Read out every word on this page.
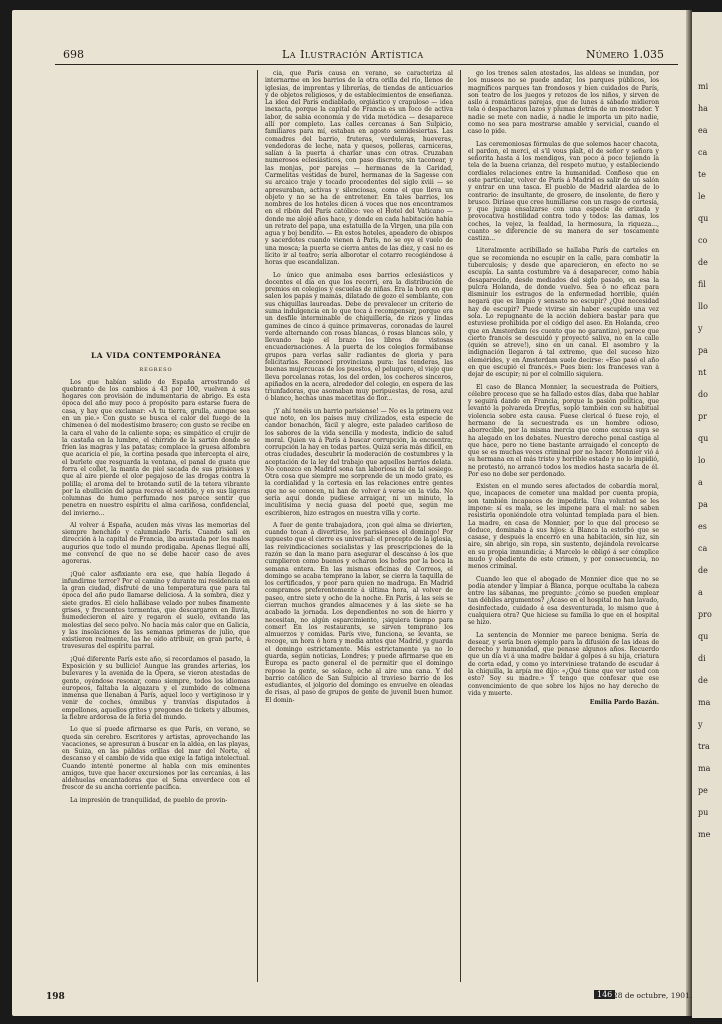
mi
ha
ea
ca
te
le
qu
co
de
fil
llo
y
pa
nt
do
pr
qu
lo
a
pa
es
ca
de
a
pro
qu
di
de
ma
y
tra
ma
pe
pu
me
698	La Ilustración Artística	Número 1.035
LA VIDA CONTEMPORÁNEA
REGRESO

Los que habían salido de España arrostrando el quebranto de los cambios á 43 por 100, vuelven á sus hogares con provisión de indumentaria de abrigo. Es esta época del año muy poco á propósito para estarse fuera de casa, y hay que exclamar: «A tu tierra, grulla, aunque sea en un pie.» Con gusto se busca el calor del fuego de la chimenea ó del modestísimo brasero; con gusto se recibe en la cara el vaho de la caliente sopa; es simpático el crujir de la castaña en la lumbre, el chirrido de la sartén donde se fríen las magras y las patatas; complace la gruesa alfombra que acaricia el pie, la cortina pesada que intercepta el aire, el burlete que resguarda la ventana, el panal de guata que forra el collet, la manta de piel sacada de sus prisiones y que al aire pierde el olor pegajoso de las drogas contra la polilla; el aroma del te brotando sutil de la tetera vibrante por la ebullición del agua recrea el sentido, y en sus ligeras columnas de humo perfumado nos parece sentir que penetra en nuestro espíritu el alma cariñosa, confidencial, del invierno...

Al volver á España, acuden más vivas las memorias del siempre henchido y calumniado París. Cuando salí en dirección á la capital de Francia, iba asustada por los malos augurios que todo el mundo prodigaba. Apenas llegué allí, me convencí de que no se debe hacer caso de aves agoreras.

¡Qué calor asfixiante era ese, que había llegado á infundirme terror? Por el camino y durante mi residencia en la gran ciudad, disfruté de una temperatura que para tal época del año pudo llamarse deliciosa. Á la sombra, diez y siete grados. El cielo hallábase velado por nubes finamente grises, y frecuentes tormentas, que descargaron en lluvia, humedecieron el aire y regaron el suelo, evitando las molestias del seco polvo. No hacía más calor que en Galicia, y las insolaciones de las semanas primeras de julio, que existieron realmente, las he oído atribuir, en gran parte, á travesuras del espíritu parral.

¡Qué diferente París este año, si recordamos el pasado, la Exposición y su bullicio! Aunque las grandes arterias, los bulevares y la avenida de la Ópera, se vieron atestadas de gente, oyéndose resonar, como siempre, todos los idiomas europeos, faltaba la algazara y el zumbido de colmena inmensa que llenaban á París, aquel loco y vertiginoso ir y venir de coches, ómnibus y tranvías disputados á empellones, aquellos gritos y pregones de tickets y álbumes, la fiebre ardorosa de la feria del mundo.

Lo que sí puede afirmarse es que París, en verano, se queda sin cerebro. Escritores y artistas, aprovechando las vacaciones, se apresuran á buscar en la aldea, en las playas, en Suiza, en las pálidas orillas del mar del Norte, el descanso y el cambio de vida que exige la fatiga intelectual. Cuando intenté ponerme al habla con mis eminentes amigos, tuve que hacer excursiones por las cercanías, á las aldehuelas encantadoras que el Sena enverdece con el frescor de su ancha corriente pacífica.

La impresión de tranquilidad, de pueblo de provin-

cia, que París causa en verano, se caracteriza al internarme en los barrios de la otra orilla del río, llenos de iglesias, de imprentas y librerías, de tiendas de anticuarios y de objetos religiosos, y de establecimientos de enseñanza. La idea del París endiablado, orgiástico y crapuloso — idea inexacta, porque la capital de Francia es un foco de activa labor, de sabia economía y de vida metódica — desaparece allí por completo. Las calles cercanas á San Sulpicio, familiares para mí, estaban en agosto semidesiertas. Las comadres del barrio, fruteras, verduleras, hueveras, vendedoras de leche, nata y quesos, polleras, carniceras, salían á la puerta á charlar unas con otras. Cruzaban numerosos eclesiásticos, con paso discreto, sin taconear, y las monjas, por parejas — hermanas de la Caridad, Carmelitas vestidas de burel, hermanas de la Sagesse con su arcaico traje y tocado procedentes del siglo xviii — se apresuraban, activas y silenciosas, como el que lleva un objeto y no se ha de entretener. En tales barrios, los nombres de los hoteles dicen á voces que nos encontramos en el ribón del París católico: veo el Hotel del Vaticano — donde me alojé años hace, y donde en cada habitación había un retrato del papa, una estatuilla de la Virgen, una pila con agua y boj bendito. — En estos hoteles, apeadero de obispos y sacerdotes cuando vienen á París, no se oye el vuelo de una mosca; la puerta se cierra antes de las diez, y casi no es lícito ir al teatro; sería alborotar el cotarro recogiéndose á horas que escandalizan.

Lo único que animaba esos barrios eclesiásticos y docentes el día en que los recorrí, era la distribución de premios en colegios y escuelas de niñas. Era la hora en que salen los papás y mamás, dilatado de gozo el semblante, con sus chiquillas laureadas. Debe de prevalecer un criterio de suma indulgencia en lo que toca á recompensar, porque era un desfile interminable de chiquillería, de rizos y lindas gamines de cinco á quince primaveras, coronadas de laurel verde alternando con rosas blancas, ó rosas blancas sólo, y llevando bajo el brazo los libros de vistosas encuadernaciones. A la puerta de los colegios formábanse grupos para verlas salir radiantes de gloria y para felicitarlas. Reconocí provinciana pura: las tenderas, las buenas mujercucas de los puestos, el peluquero, el viejo que lleva porcelanas rotas, los del orden, los cocheros sinceros, apiñados en la acera, alrededor del colegio, en espera de las triunfadoras, que asomaban muy peripuestas, de rosa, azul ó blanco, hechas unas macetitas de flor...

¡Y ahí tenéis un barrio parisiense! — No es la primera vez que noto, en los países muy civilizados, esta especie de candor bonachón, fácil y alegre, este paladeo cariñoso de los sabores de la vida sencilla y modesta, indicio de salud moral. Quien va á París á buscar corrupción, la encuentra; corrupción la hay en todas partes. Quizá sería más difícil, en otras ciudades, descubrir la moderación de costumbres y la aceptación de la ley del trabajo que aquellos barrios delata. No conozco en Madrid sona tan laboriosa ni de tal sosiego. Otra cosa que siempre me sorprende de un modo grato, es la cordialidad y la cortesía en las relaciones entre gentes que no se conocen, ni han de volver á verse en la vida. No sería aquí donde pudiese arraigar, ni un minuto, la inculitísima y necia guasa del poeté que, según me escribieron, hizo estragos en nuestra villa y corte.

A fuer de gente trabajadora, ¡con qué alma se divierten, cuando tocan á divertirse, los parisienses el domingo! Por supuesto que el cierre es universal: el precepto de la iglesia, las reivindicaciones socialistas y las prescripciones de la razón se dan la mano para asegurar el descanso á los que cumplieron como buenos y echaron los bofes por la boca la semana entera. En las mismas oficinas de Correos, el domingo se acaba temprano la labor, se cierra la taquilla de los certificados, y peor para quien no madruga. En Madrid compramos preferentemente á última hora, al volver de paseo, entre siete y ocho de la noche. En París, á las seis se cierran muchos grandes almacenes y á las siete se ha acabado la jornada. Los dependientes no son de hierro y necesitan, no algún esparcimiento, ¡siquiera tiempo para comer! En los restaurants, se sirven temprano los almuerzos y comidas. París vive, funciona, se levanta, se recoge, un hora ó hora y media antes que Madrid, y guarda el domingo estrictamente. Más estrictamente ya no lo guarda, según noticias, Londres; y puede afirmarse que en Europa es pacto general el de permitir que el domingo repose la gente, se solace, eche al aire una cana. Y del barrio católico de San Sulpicio al travieso barrio de los estudiantes, el jolgorio del domingo es envuelve en oleadas de risas, al paso de grupos de gente de juvenil buen humor. El domin-

go los trenes salen atestados, las aldeas se inundan, por los museos no se puede andar, los parques públicos, los magníficos parques tan frondosos y bien cuidados de París, son teatro de los juegos y retozos de los niños, y sirven de asilo á románticas parejas, que de lunes á sábado midieron tela ó despacharon lazos y plumas detrás de un mostrador. Y nadie se mete con nadie, á nadie le importa un pito nadie, como no sea para mostrarse amable y servicial, cuando el caso lo pide.

Las ceremoniosas fórmulas de que solemos hacer chacota, el pardon, el merci, el s'il vous plaît, el de señor y señora y señorita hasta á los mendigos, van poco á poco tejiendo la tela de la buena crianza, del respeto mutuo, y estableciendo cordiales relaciones entre la humanidad. Confieso que en este particular, volver de París á Madrid es salir de un salón y entrar en una tasca. El pueblo de Madrid alardea de lo contrario: de insultante, de grosero, de insolente, de fiero y brusco. Diríase que cree humillarse con un rasgo de cortesía, y que juzga ensalzarse con una especie de erizada y provocativa hostilidad contra todo y todos: las damas, los coches, la vejez, la fealdad, la hermosura, la riqueza..., cuanto se diferencie de su manera de ser toscamente castiza...

Literalmente acribillado se hallaba París de carteles en que se recomienda no escupir en la calle, para combatir la tuberculosis; y desde que aparecieron, en efecto no se escupía. La santa costumbre va á desaparecer, como había desaparecido, desde mediados del siglo pasado, en esa la pulcra Holanda, de donde vuelvo. Sea ó no eficaz para disminuir los estragos de la enfermedad horrible, quién negará que es limpio y sensato no escupir? ¿Qué necesidad hay de escupir? Puede vivirse sin haber escupido una vez sola. Lo repugnante de la acción debiera bastar para que estuviese prohibida por el código del aseo. En Holanda, creo que en Amsterdam (es cuento que no garantizo), parece que cierto francés se descuidó y proyectó saliva, no en la calle (quién se atreve!), sino en un canal. El asombro y la indignación llegaron á tal extremo, que del suceso hizo elemérides, y en Amsterdam suele decirse: «Eso pasó el año en que escupió el francés.» Pues bien: los franceses van á dejar de escupir; ni por el colmillo siquiera.

El caso de Blanca Monnier, la secuestrada de Poitiers, célebre proceso que se ha fallado estos días, daba que hablar y seguirá dando en Francia, porque la pasión política, que levantó la polvareda Dreyfus, sopló también con su habitual violencia sobre esta causa. Fuese clerical ó fuese rojo, el hermano de la secuestrada es un hombre odioso, aborrecible, por la misma inercia que como excusa suya se ha alegado en los debates. Nuestro derecho penal castiga al que hace, pero no tiene bastante arraigado el concepto de que se es muchas veces criminal por no hacer. Monnier vió á su hermana en el más triste y horrible estado y no lo impidió, ne protestó, no arrancó todos los medios hasta sacarla de él. Por eso no debe ser perdonado.

Existen en el mundo seres afectados de cobardía moral, que, incapaces de cometer una maldad por cuenta propia, son también incapaces de impedirla. Una voluntad se les impone: sí es mala, se les impone para el mal: no saben resistirla oponiéndole otra voluntad templada para el bien. La madre, en casa de Monnier, por lo que del proceso se deduce, dominaba á sus hijos: á Blanca la estorbó que se casase, y después la encerró en una habitación, sin luz, sin aire, sin abrigo, sin ropa, sin sustento, dejándola revolcarse en su propia inmundicia; á Marcelo le obligó á ser cómplice mudo y obediente de este crimen, y por consecuencia, no menos criminal.

Cuando leo que el abogado de Monnier dice que no se podía atender y limpiar á Blanca, porque ocultaba la cabeza entre las sábanas, me pregunto: ¿cómo se pueden emplear tan débiles argumentos? ¿Acaso en el hospital no han lavado, desinfectado, cuidado á esa desventurada, lo mismo que á cualquiera otra? Que hiciese su familia lo que en el hospital se hizo.

La sentencia de Monnier me parece benigna. Sería de desear, y sería buen ejemplo para la difusión de las ideas de derecho y humanidad, que penase algunos años. Recuerdo que un día vi á una madre baldar á golpes á su hija, criatura de corta edad, y como yo interviniese tratando de escudar á la chiquilla, la arpía me dijo: «¿Qué tiene que ver usted con esto? Soy su madre.» Y tengo que confesar que ese convencimiento de que sobre los hijos no hay derecho de vida y muerte.

Emilia Pardo Bazán.
198	146 28 de octubre, 1901.
